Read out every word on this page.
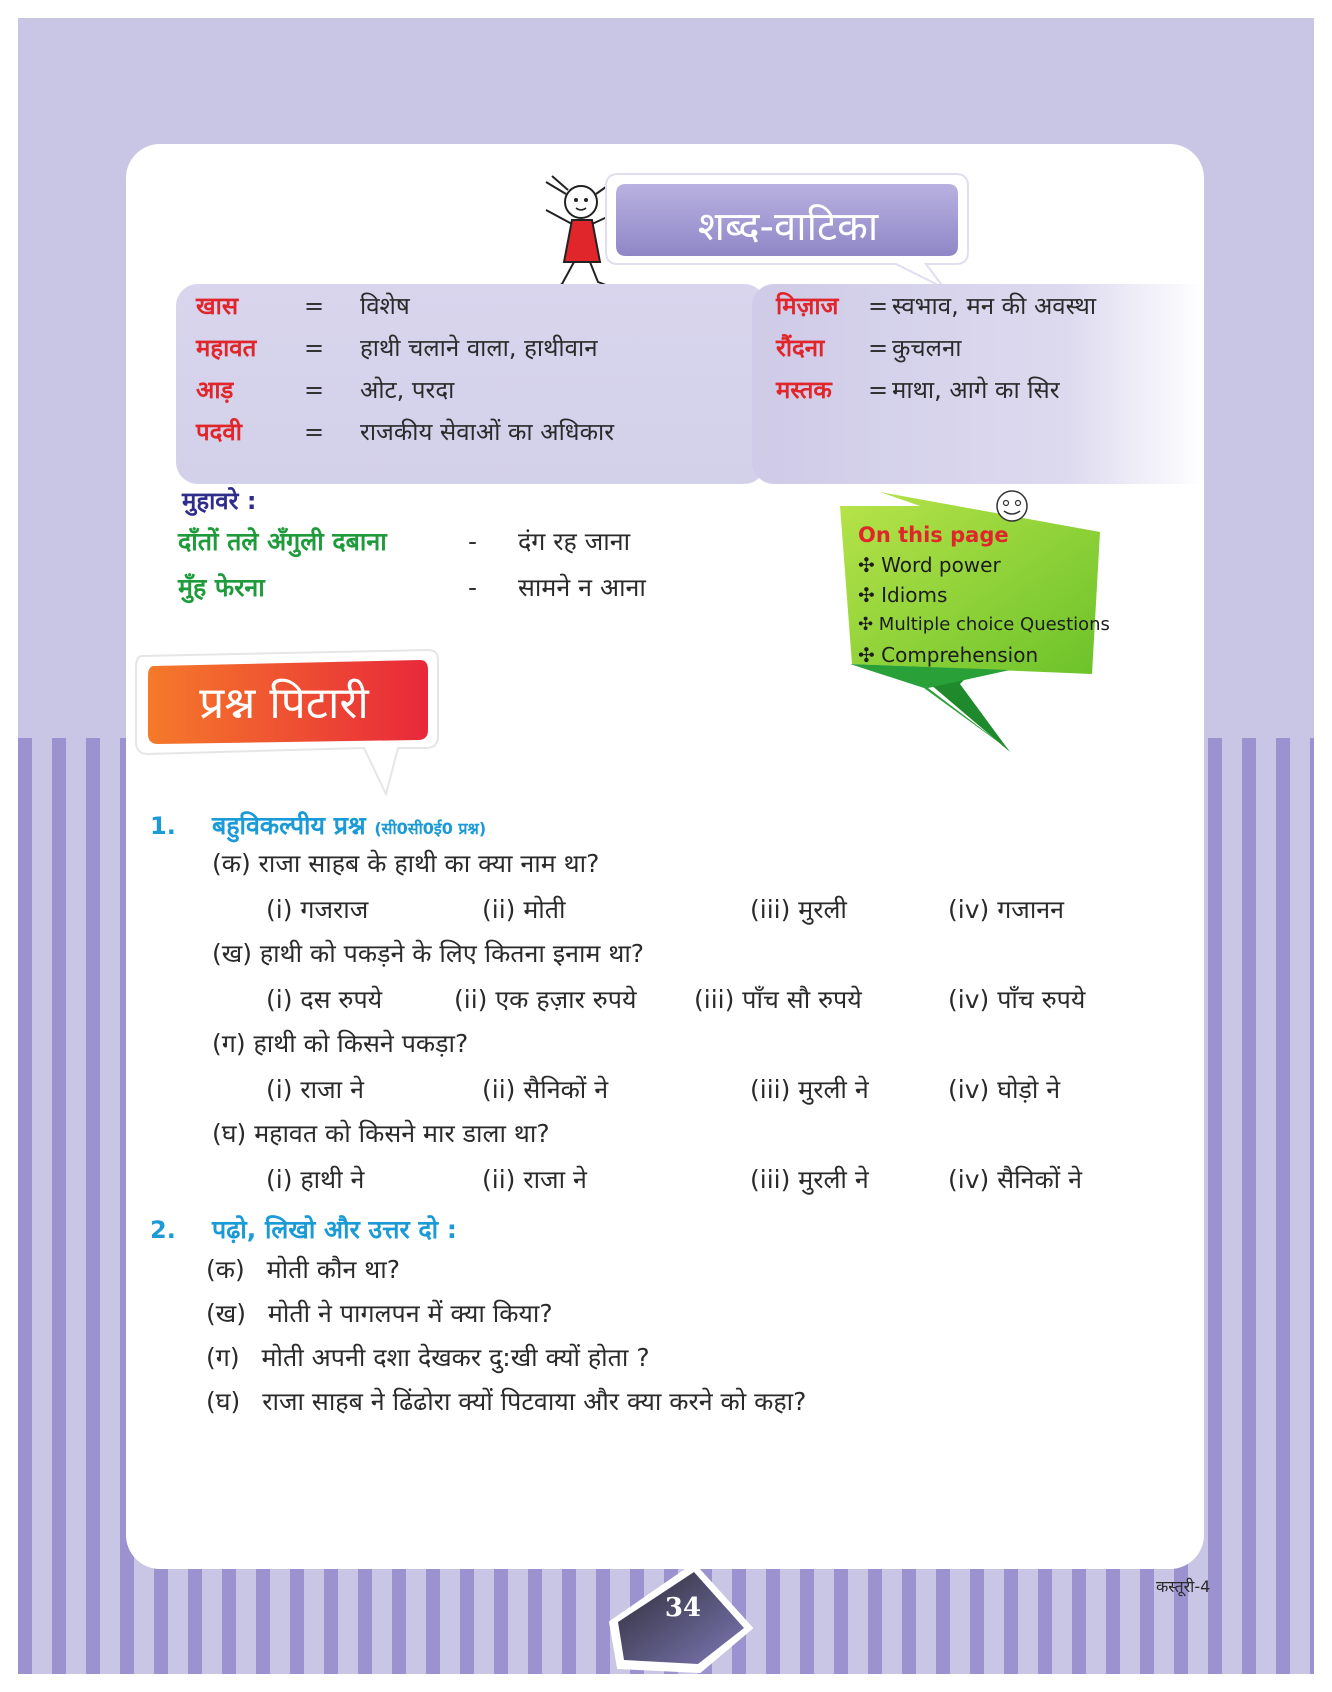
शब्द-वाटिका
खास	= विशेष
महावत = हाथी चलाने वाला, हाथीवान
आड़	= ओट, परदा
पदवी	= राजकीय सेवाओं का अधिकार
मिज़ाज = स्वभाव, मन की अवस्था
रौंदना = कुचलना
मस्तक = माथा, आगे का सिर
मुहावरे :
दाँतों तले अँगुली दबाना	- दंग रह जाना
मुँह फेरना	- सामने न आना
On this page
✣ Word power
✣ Idioms
✣ Multiple choice Questions
✣ Comprehension
प्रश्न पिटारी
1. बहुविकल्पीय प्रश्न (सी0सी0ई0 प्रश्न)
(क) राजा साहब के हाथी का क्या नाम था?
(i) गजराज	(ii) मोती	(iii) मुरली	(iv) गजानन
(ख) हाथी को पकड़ने के लिए कितना इनाम था?
(i) दस रुपये	(ii) एक हज़ार रुपये (iii) पाँच सौ रुपये	(iv) पाँच रुपये
(ग) हाथी को किसने पकड़ा?
(i) राजा ने	(ii) सैनिकों ने	(iii) मुरली ने	(iv) घोड़ो ने
(घ) महावत को किसने मार डाला था?
(i) हाथी ने	(ii) राजा ने	(iii) मुरली ने	(iv) सैनिकों ने
2. पढ़ो, लिखो और उत्तर दो :
(क) मोती कौन था?
(ख) मोती ने पागलपन में क्या किया?
(ग) मोती अपनी दशा देखकर दु:खी क्यों होता ?
(घ) राजा साहब ने ढिंढोरा क्यों पिटवाया और क्या करने को कहा?
34
कस्तूरी-4
